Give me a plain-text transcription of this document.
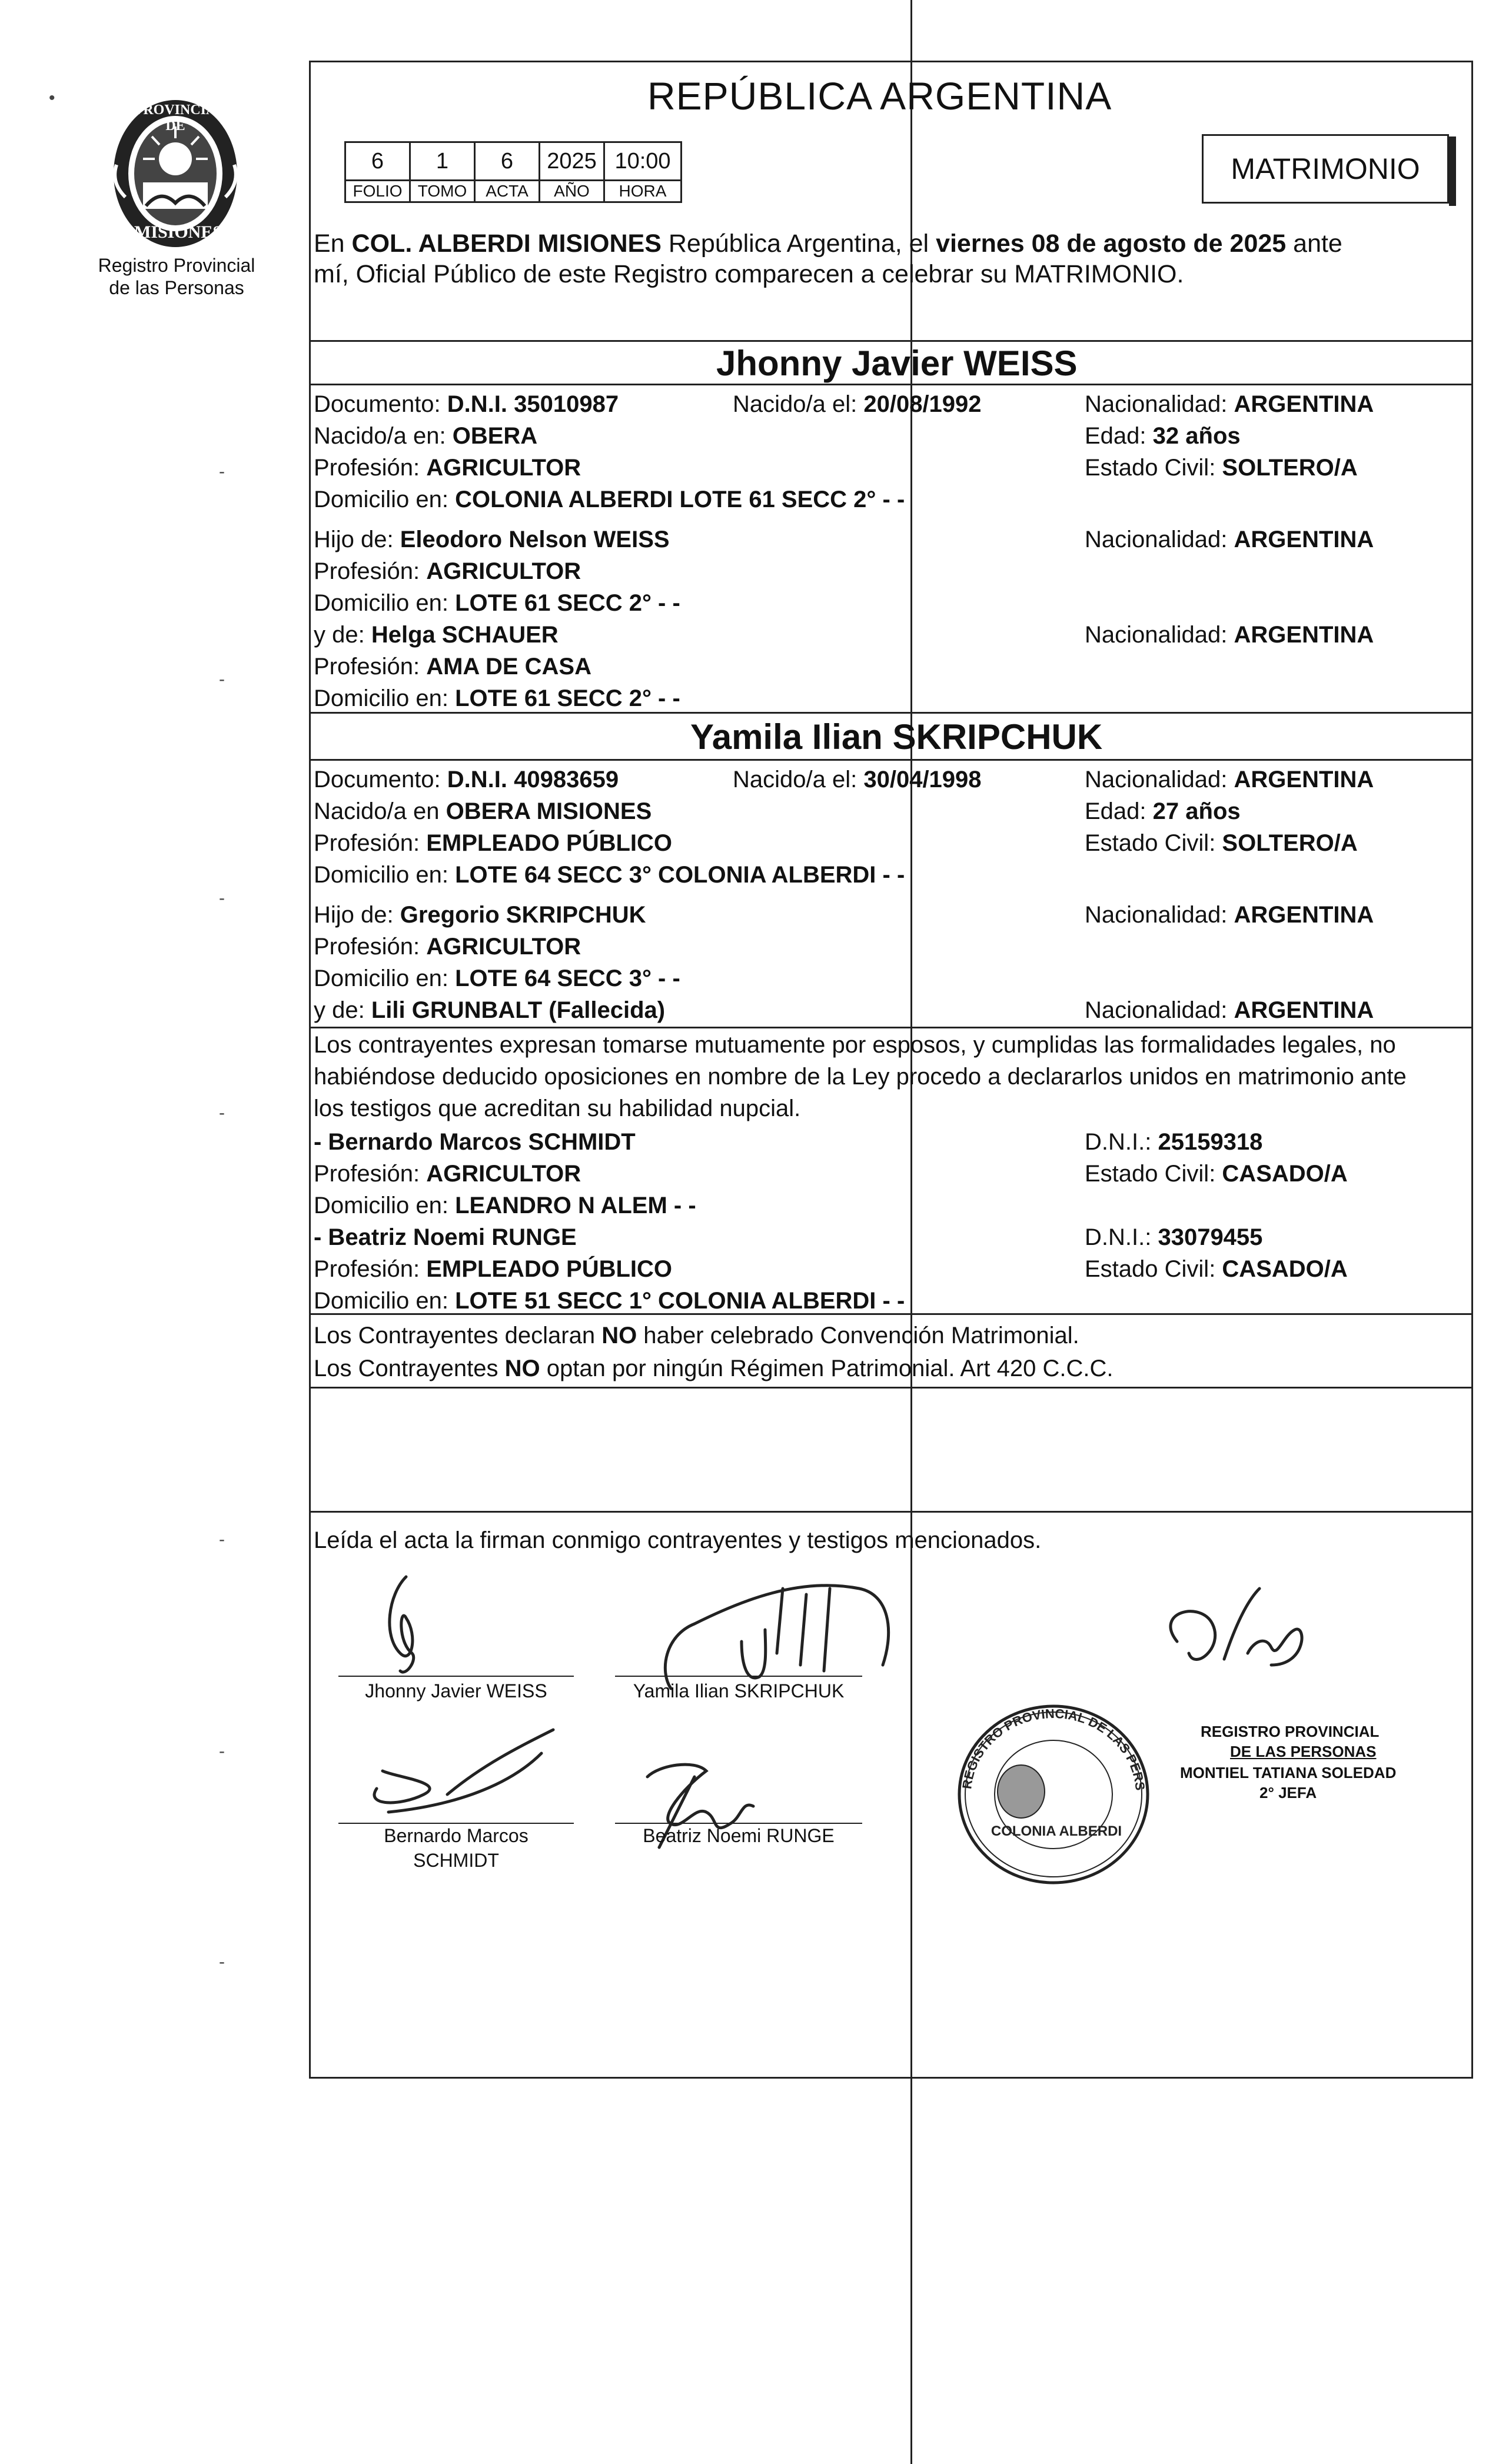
PROVINCIA DE
MISIONES
Registro Provincial
de las Personas
REPÚBLICA ARGENTINA
6	1	6	2025	10:00
FOLIO	TOMO	ACTA	AÑO	HORA
MATRIMONIO
En COL. ALBERDI MISIONES República Argentina, el viernes 08 de agosto de 2025 ante
mí, Oficial Público de este Registro comparecen a celebrar su MATRIMONIO.
Jhonny Javier WEISS
Documento: D.N.I. 35010987	Nacido/a el: 20/08/1992	Nacionalidad: ARGENTINA
Nacido/a en: OBERA	Edad: 32 años
Profesión: AGRICULTOR	Estado Civil: SOLTERO/A
Domicilio en: COLONIA ALBERDI LOTE 61 SECC 2° - -
Hijo de: Eleodoro Nelson WEISS	Nacionalidad: ARGENTINA
Profesión: AGRICULTOR
Domicilio en: LOTE 61 SECC 2° - -
y de: Helga SCHAUER	Nacionalidad: ARGENTINA
Profesión: AMA DE CASA
Domicilio en: LOTE 61 SECC 2° - -
Yamila Ilian SKRIPCHUK
Documento: D.N.I. 40983659	Nacido/a el: 30/04/1998	Nacionalidad: ARGENTINA
Nacido/a en OBERA MISIONES	Edad: 27 años
Profesión: EMPLEADO PÚBLICO	Estado Civil: SOLTERO/A
Domicilio en: LOTE 64 SECC 3° COLONIA ALBERDI - -
Hijo de: Gregorio SKRIPCHUK	Nacionalidad: ARGENTINA
Profesión: AGRICULTOR
Domicilio en: LOTE 64 SECC 3° - -
y de: Lili GRUNBALT (Fallecida)	Nacionalidad: ARGENTINA
Los contrayentes expresan tomarse mutuamente por esposos, y cumplidas las formalidades legales, no
habiéndose deducido oposiciones en nombre de la Ley procedo a declararlos unidos en matrimonio ante
los testigos que acreditan su habilidad nupcial.
- Bernardo Marcos SCHMIDT	D.N.I.: 25159318
Profesión: AGRICULTOR	Estado Civil: CASADO/A
Domicilio en: LEANDRO N ALEM - -
- Beatriz Noemi RUNGE	D.N.I.: 33079455
Profesión: EMPLEADO PÚBLICO	Estado Civil: CASADO/A
Domicilio en: LOTE 51 SECC 1° COLONIA ALBERDI - -
Los Contrayentes declaran NO haber celebrado Convención Matrimonial.
Los Contrayentes NO optan por ningún Régimen Patrimonial. Art 420 C.C.C.
Leída el acta la firman conmigo contrayentes y testigos mencionados.
Jhonny Javier WEISS	Yamila Ilian SKRIPCHUK
Bernardo Marcos
SCHMIDT
Beatriz Noemi RUNGE
REGISTRO PROVINCIAL DE LAS PERS
COLONIA ALBERDI
REGISTRO PROVINCIAL
DE LAS PERSONAS
MONTIEL TATIANA SOLEDAD
2° JEFA
•
-
-
-
-
-
-
-
